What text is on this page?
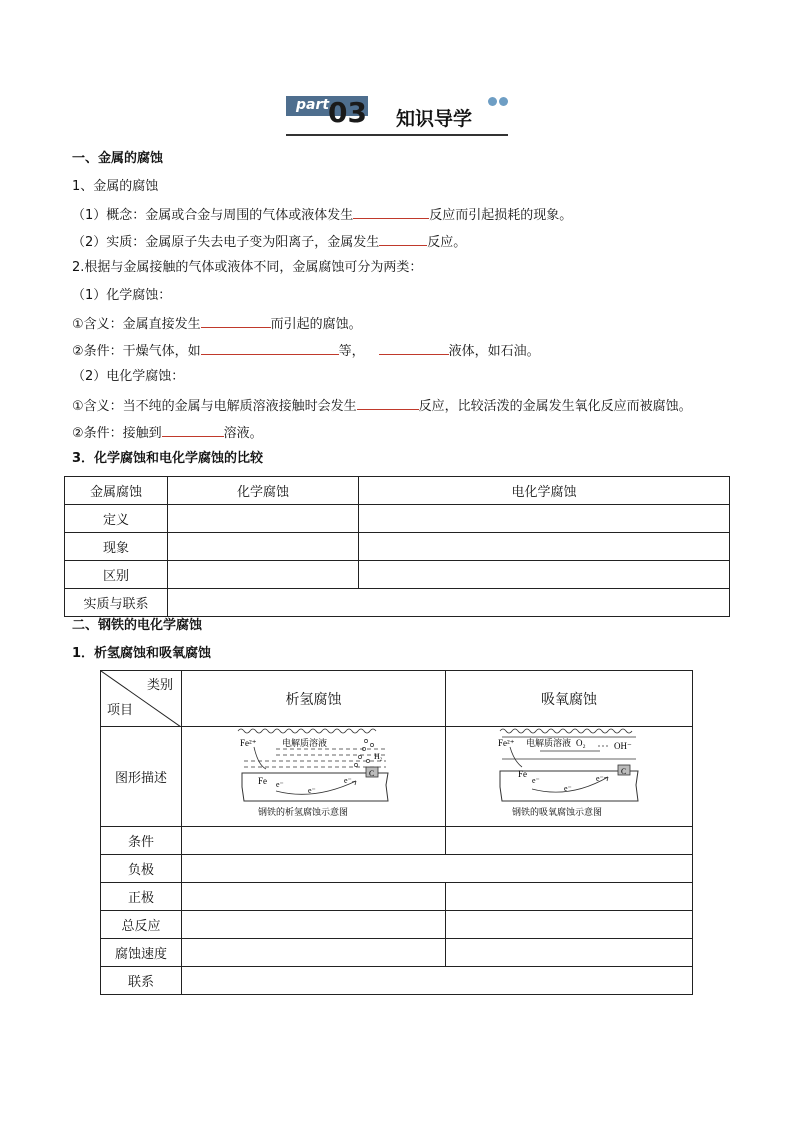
part.
03 知识导学
一、金属的腐蚀
1、金属的腐蚀
（1）概念：金属或合金与周围的气体或液体发生	反应而引起损耗的现象。
（2）实质：金属原子失去电子变为阳离子，金属发生	反应。
2.根据与金属接触的气体或液体不同，金属腐蚀可分为两类：
（1）化学腐蚀：
①含义：金属直接发生	而引起的腐蚀。
②条件：干燥气体，如	等，	液体，如石油。
（2）电化学腐蚀：
①含义：当不纯的金属与电解质溶液接触时会发生	反应，比较活泼的金属发生氧化反应而被腐蚀。
②条件：接触到	溶液。
3．化学腐蚀和电化学腐蚀的比较
金属腐蚀	化学腐蚀	电化学腐蚀
定义		
现象		
区别		
实质与联系		
二、钢铁的电化学腐蚀
1．析氢腐蚀和吸氧腐蚀
类别
项目	析氢腐蚀	吸氧腐蚀
图形描述		
条件		
负极		
正极		
总反应		
腐蚀速度		
联系		
Fe²⁺	电解质溶液
H₂
C
Fe e⁻
e⁻
e⁻
钢铁的析氢腐蚀示意图
Fe²⁺ 电解质溶液 O₂	OH⁻
C
Fe
e⁻
e⁻
e⁻
钢铁的吸氧腐蚀示意图
